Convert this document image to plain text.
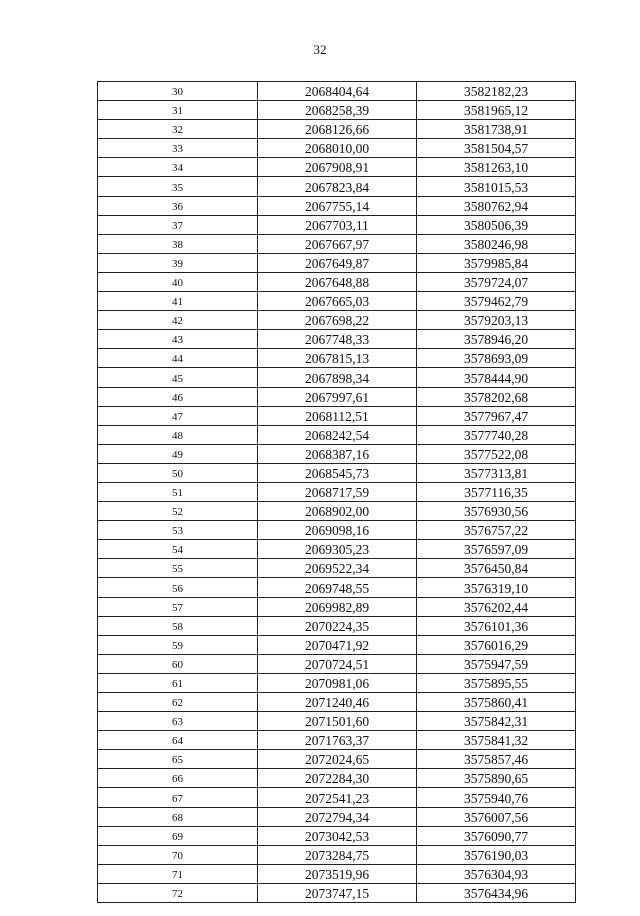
32
30	2068404,64	3582182,23
31	2068258,39	3581965,12
32	2068126,66	3581738,91
33	2068010,00	3581504,57
34	2067908,91	3581263,10
35	2067823,84	3581015,53
36	2067755,14	3580762,94
37	2067703,11	3580506,39
38	2067667,97	3580246,98
39	2067649,87	3579985,84
40	2067648,88	3579724,07
41	2067665,03	3579462,79
42	2067698,22	3579203,13
43	2067748,33	3578946,20
44	2067815,13	3578693,09
45	2067898,34	3578444,90
46	2067997,61	3578202,68
47	2068112,51	3577967,47
48	2068242,54	3577740,28
49	2068387,16	3577522,08
50	2068545,73	3577313,81
51	2068717,59	3577116,35
52	2068902,00	3576930,56
53	2069098,16	3576757,22
54	2069305,23	3576597,09
55	2069522,34	3576450,84
56	2069748,55	3576319,10
57	2069982,89	3576202,44
58	2070224,35	3576101,36
59	2070471,92	3576016,29
60	2070724,51	3575947,59
61	2070981,06	3575895,55
62	2071240,46	3575860,41
63	2071501,60	3575842,31
64	2071763,37	3575841,32
65	2072024,65	3575857,46
66	2072284,30	3575890,65
67	2072541,23	3575940,76
68	2072794,34	3576007,56
69	2073042,53	3576090,77
70	2073284,75	3576190,03
71	2073519,96	3576304,93
72	2073747,15	3576434,96
